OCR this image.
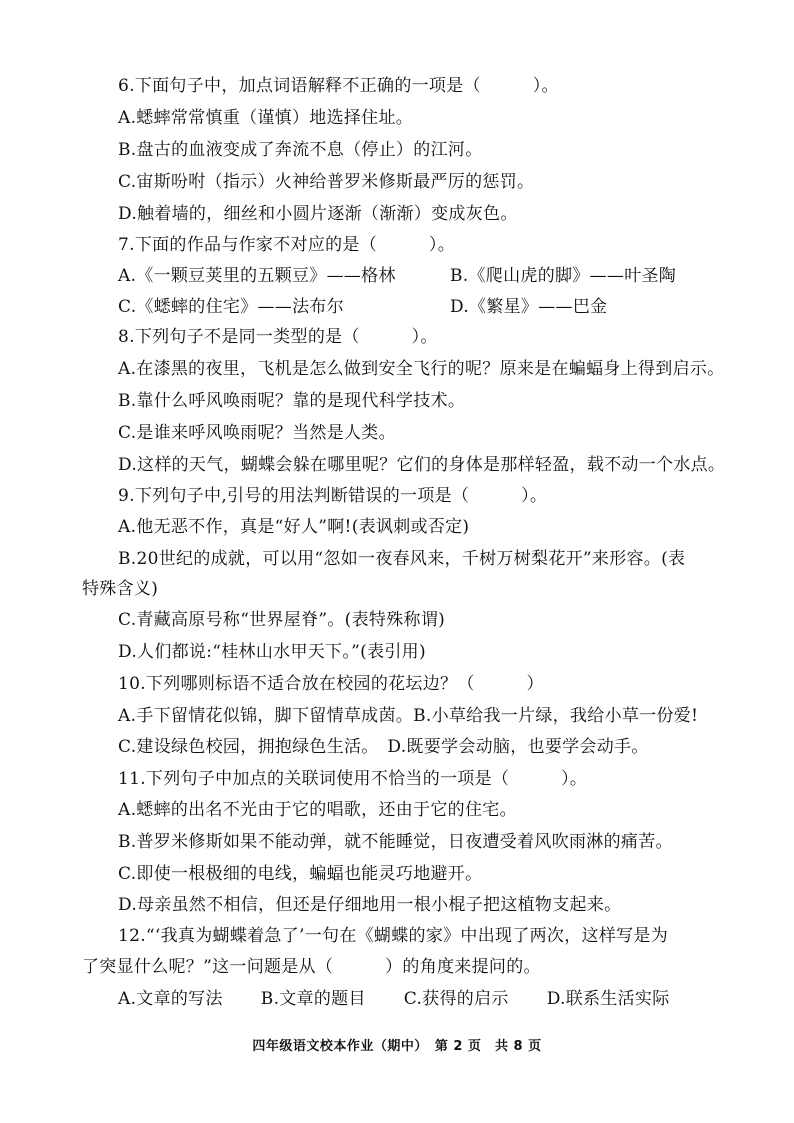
6.下面句子中，加点词语解释不正确的一项是（　　　）。
A.蟋蟀常常慎重（谨慎）地选择住址。
B.盘古的血液变成了奔流不息（停止）的江河。
C.宙斯吩咐（指示）火神给普罗米修斯最严厉的惩罚。
D.触着墙的，细丝和小圆片逐渐（渐渐）变成灰色。
7.下面的作品与作家不对应的是（　　　）。
A.《一颗豆荚里的五颗豆》——格林	B.《爬山虎的脚》——叶圣陶
C.《蟋蟀的住宅》——法布尔	D.《繁星》——巴金
8.下列句子不是同一类型的是（　　　）。
A.在漆黑的夜里，飞机是怎么做到安全飞行的呢？原来是在蝙蝠身上得到启示。
B.靠什么呼风唤雨呢？靠的是现代科学技术。
C.是谁来呼风唤雨呢？当然是人类。
D.这样的天气，蝴蝶会躲在哪里呢？它们的身体是那样轻盈，载不动一个水点。
9.下列句子中,引号的用法判断错误的一项是（　　　）。
A.他无恶不作，真是“好人”啊!(表讽刺或否定)
B.20世纪的成就，可以用“忽如一夜春风来，千树万树梨花开”来形容。(表
特殊含义)
C.青藏高原号称“世界屋脊”。(表特殊称谓)
D.人们都说:“桂林山水甲天下。”(表引用)
10.下列哪则标语不适合放在校园的花坛边？（　　　）
A.手下留情花似锦，脚下留情草成茵。B.小草给我一片绿，我给小草一份爱!
C.建设绿色校园，拥抱绿色生活。　D.既要学会动脑，也要学会动手。
11.下列句子中加点的关联词使用不恰当的一项是（　　　）。
A.蟋蟀的出名不光由于它的唱歌，还由于它的住宅。
B.普罗米修斯如果不能动弹，就不能睡觉，日夜遭受着风吹雨淋的痛苦。
C.即使一根极细的电线，蝙蝠也能灵巧地避开。
D.母亲虽然不相信，但还是仔细地用一根小棍子把这植物支起来。
12.“‘我真为蝴蝶着急了’一句在《蝴蝶的家》中出现了两次，这样写是为
了突显什么呢？”这一问题是从（　　　）的角度来提问的。
A.文章的写法 B.文章的题目 C.获得的启示 D.联系生活实际
四年级语文校本作业（期中）　第 2 页　共 8 页
